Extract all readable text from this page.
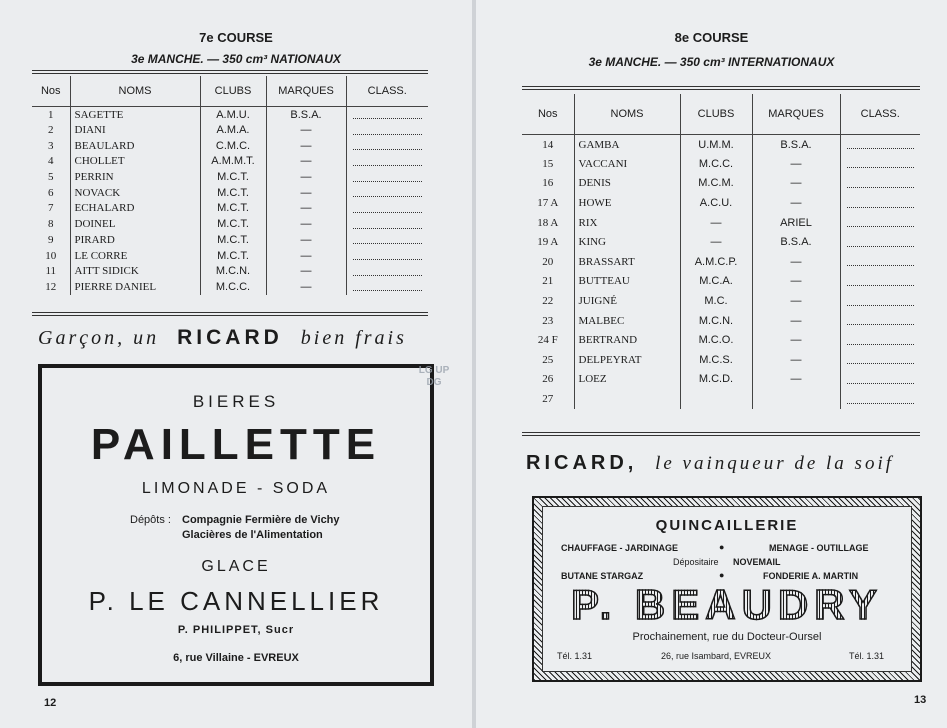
7e COURSE
3e MANCHE. — 350 cm³ NATIONAUX
Nos	NOMS	CLUBS	MARQUES	CLASS.
1	SAGETTE	A.M.U.	B.S.A.	

2	DIANI	A.M.A.	—	

3	BEAULARD	C.M.C.	—	

4	CHOLLET	A.M.M.T.	—	

5	PERRIN	M.C.T.	—	

6	NOVACK	M.C.T.	—	

7	ECHALARD	M.C.T.	—	

8	DOINEL	M.C.T.	—	

9	PIRARD	M.C.T.	—	

10	LE CORRE	M.C.T.	—	

11	AITT SIDICK	M.C.N.	—	

12	PIERRE DANIEL	M.C.C.	—	
Garçon, un RICARD bien frais
BIERES
PAILLETTE
LIMONADE - SODA
Dépôts : Compagnie Fermière de Vichy
Glacières de l'Alimentation
GLACE
P. LE CANNELLIER
P. PHILIPPET, Sucr
6, rue Villaine - EVREUX
LG UP DG
12
8e COURSE
3e MANCHE. — 350 cm³ INTERNATIONAUX
Nos	NOMS	CLUBS	MARQUES	CLASS.
14	GAMBA	U.M.M.	B.S.A.	

15	VACCANI	M.C.C.	—	

16	DENIS	M.C.M.	—	

17 A	HOWE	A.C.U.	—	

18 A	RIX	—	ARIEL	

19 A	KING	—	B.S.A.	

20	BRASSART	A.M.C.P.	—	

21	BUTTEAU	M.C.A.	—	

22	JUIGNÉ	M.C.	—	

23	MALBEC	M.C.N.	—	

24 F	BERTRAND	M.C.O.	—	

25	DELPEYRAT	M.C.S.	—	

26	LOEZ	M.C.D.	—	

27				
RICARD, le vainqueur de la soif
QUINCAILLERIE
CHAUFFAGE - JARDINAGE	●	MENAGE - OUTILLAGE
Dépositaire NOVEMAIL
BUTANE STARGAZ	●	FONDERIE A. MARTIN
P. BEAUDRY
Prochainement, rue du Docteur-Oursel
Tél. 1.31	26, rue Isambard, EVREUX	Tél. 1.31
13
